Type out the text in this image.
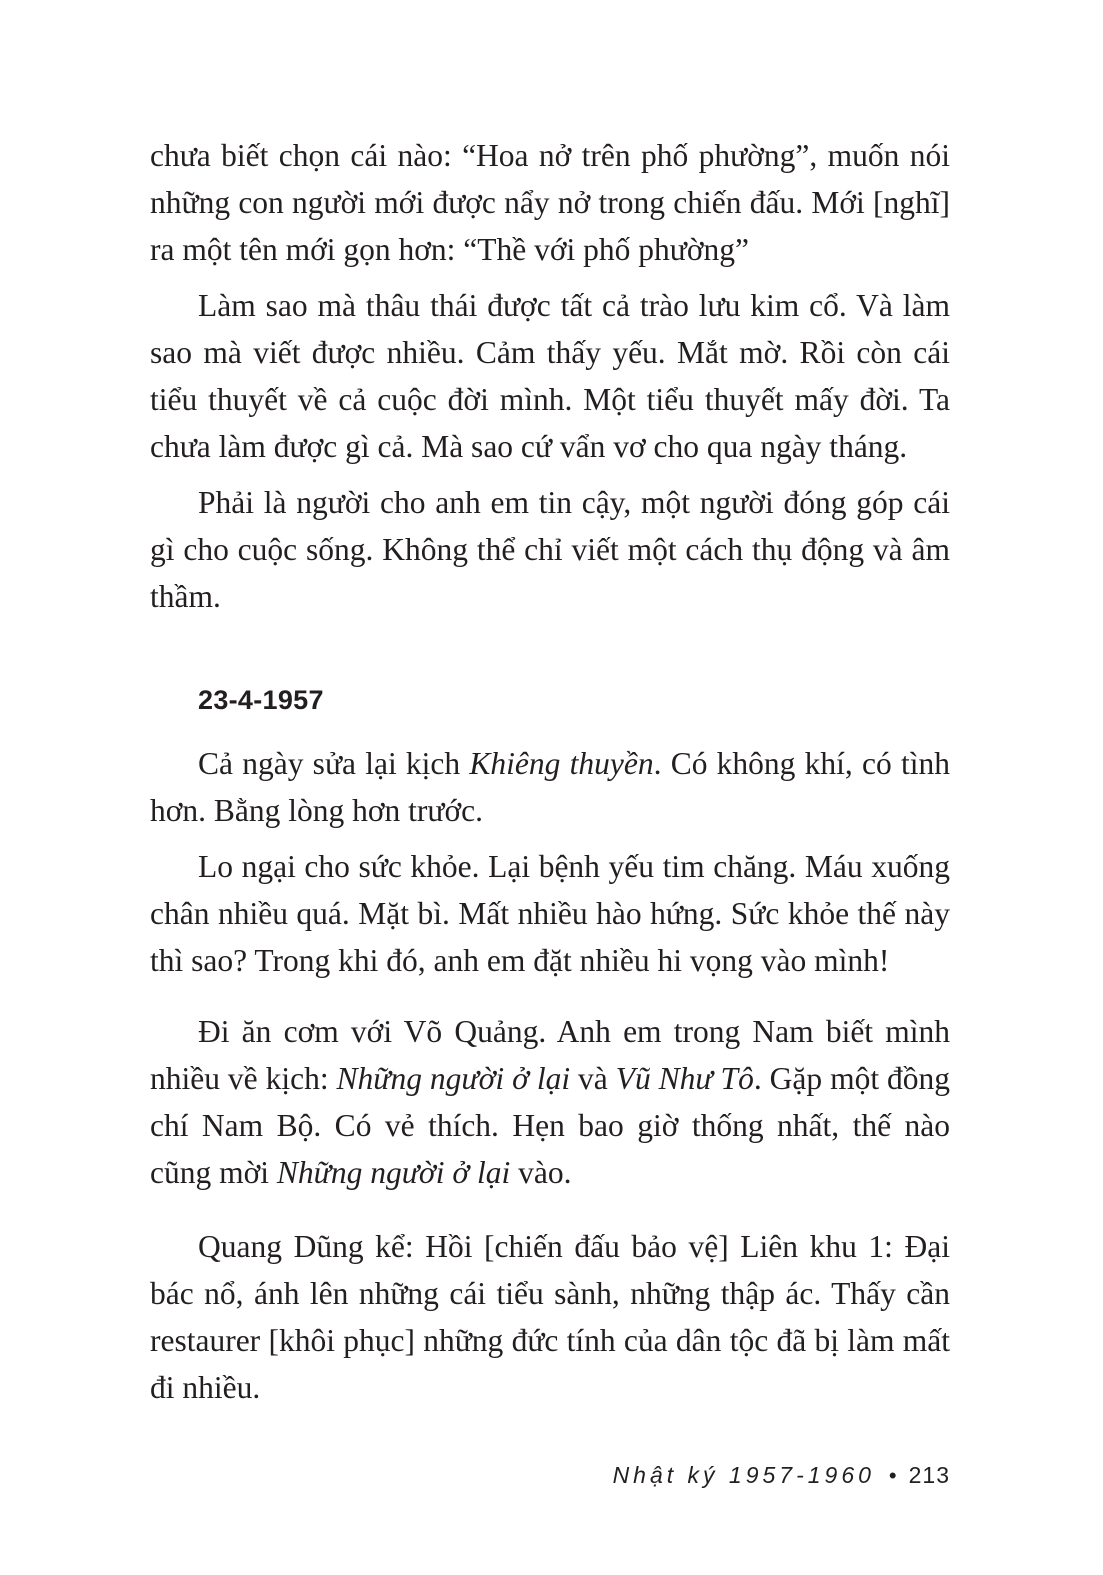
chưa biết chọn cái nào: “Hoa nở trên phố phường”, muốn nói những con người mới được nẩy nở trong chiến đấu. Mới [nghĩ] ra một tên mới gọn hơn: “Thề với phố phường”

Làm sao mà thâu thái được tất cả trào lưu kim cổ. Và làm sao mà viết được nhiều. Cảm thấy yếu. Mắt mờ. Rồi còn cái tiểu thuyết về cả cuộc đời mình. Một tiểu thuyết mấy đời. Ta chưa làm được gì cả. Mà sao cứ vẩn vơ cho qua ngày tháng.

Phải là người cho anh em tin cậy, một người đóng góp cái gì cho cuộc sống. Không thể chỉ viết một cách thụ động và âm thầm.

23-4-1957

Cả ngày sửa lại kịch Khiêng thuyền. Có không khí, có tình hơn. Bằng lòng hơn trước.

Lo ngại cho sức khỏe. Lại bệnh yếu tim chăng. Máu xuống chân nhiều quá. Mặt bì. Mất nhiều hào hứng. Sức khỏe thế này thì sao? Trong khi đó, anh em đặt nhiều hi vọng vào mình!

Đi ăn cơm với Võ Quảng. Anh em trong Nam biết mình nhiều về kịch: Những người ở lại và Vũ Như Tô. Gặp một đồng chí Nam Bộ. Có vẻ thích. Hẹn bao giờ thống nhất, thế nào cũng mời Những người ở lại vào.

Quang Dũng kể: Hồi [chiến đấu bảo vệ] Liên khu 1: Đại bác nổ, ánh lên những cái tiểu sành, những thập ác. Thấy cần restaurer [khôi phục] những đức tính của dân tộc đã bị làm mất đi nhiều.

Nhật ký 1957-1960 • 213
